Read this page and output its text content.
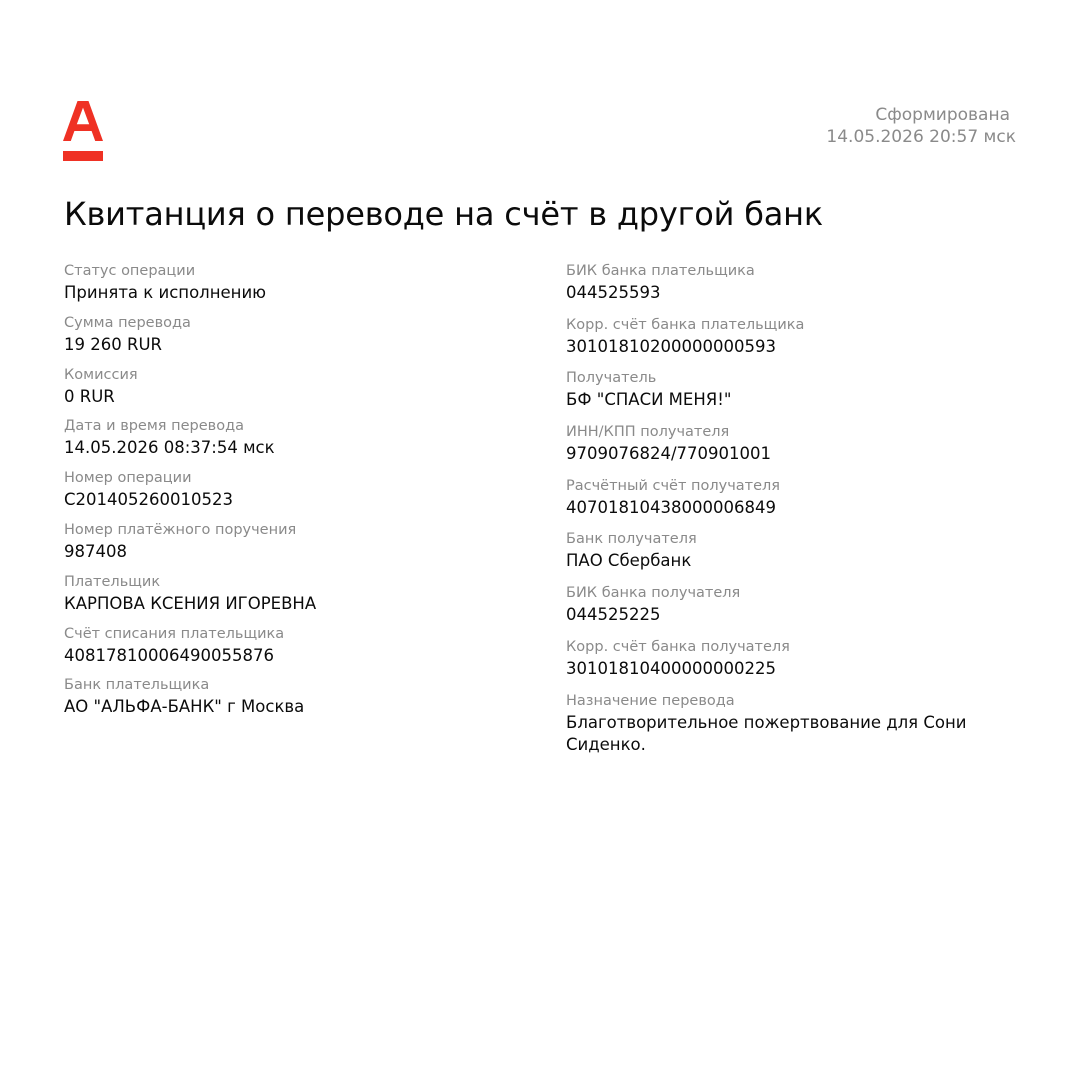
Сформирована
14.05.2026 20:57 мск
Квитанция о переводе на счёт в другой банк
Статус операции
Принята к исполнению
Сумма перевода
19 260 RUR
Комиссия
0 RUR
Дата и время перевода
14.05.2026 08:37:54 мск
Номер операции
C201405260010523
Номер платёжного поручения
987408
Плательщик
КАРПОВА КСЕНИЯ ИГОРЕВНА
Счёт списания плательщика
40817810006490055876
Банк плательщика
АО "АЛЬФА-БАНК" г Москва
БИК банка плательщика
044525593
Корр. счёт банка плательщика
30101810200000000593
Получатель
БФ "СПАСИ МЕНЯ!"
ИНН/КПП получателя
9709076824/770901001
Расчётный счёт получателя
40701810438000006849
Банк получателя
ПАО Сбербанк
БИК банка получателя
044525225
Корр. счёт банка получателя
30101810400000000225
Назначение перевода
Благотворительное пожертвование для Сони Сиденко.
